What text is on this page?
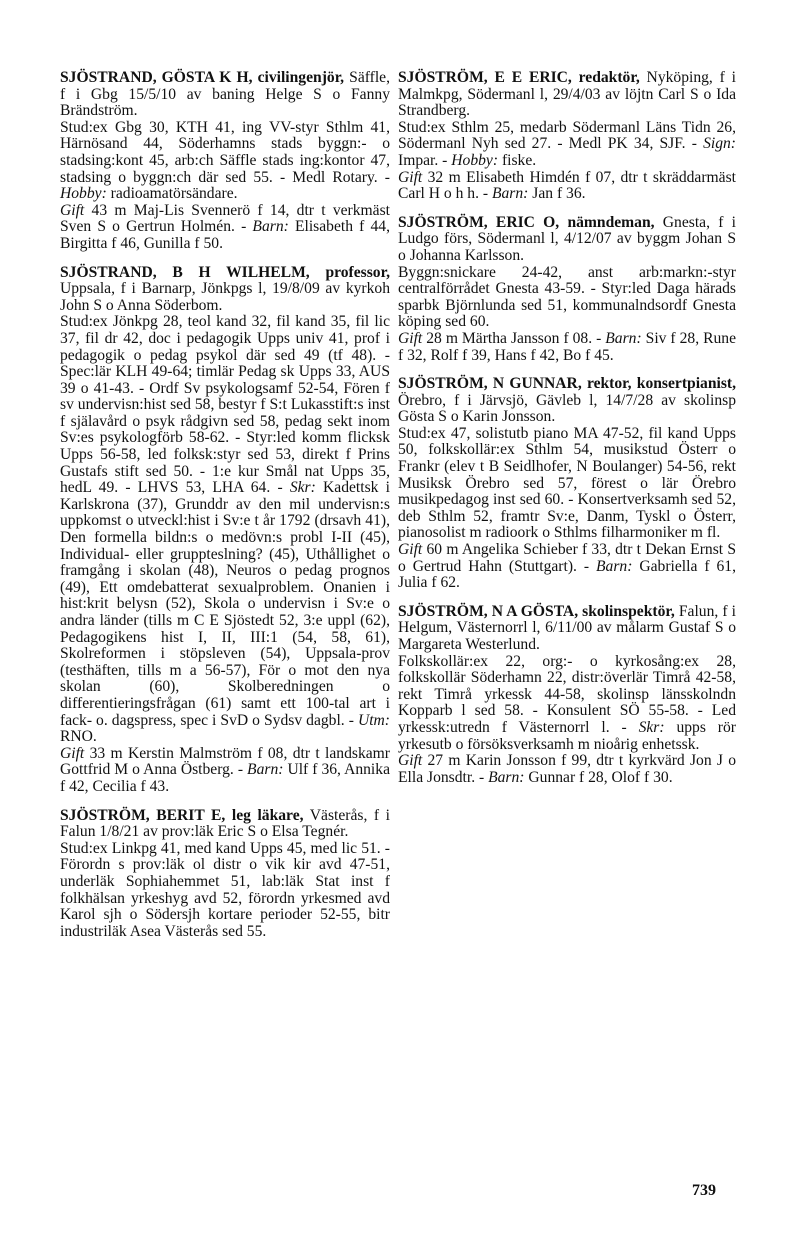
SJÖSTRAND, GÖSTA K H, civilingenjör, Säffle, f i Gbg 15/5/10 av baning Helge S o Fanny Brändström.

Stud:ex Gbg 30, KTH 41, ing VV-styr Sthlm 41, Härnösand 44, Söderhamns stads byggn:- o stadsing:kont 45, arb:ch Säffle stads ing:kontor 47, stadsing o byggn:ch där sed 55. - Medl Rotary. - Hobby: radioamatörsändare.

Gift 43 m Maj-Lis Svennerö f 14, dtr t verkmäst Sven S o Gertrun Holmén. - Barn: Elisabeth f 44, Birgitta f 46, Gunilla f 50.

SJÖSTRAND, B H WILHELM, professor, Uppsala, f i Barnarp, Jönkpgs l, 19/8/09 av kyrkoh John S o Anna Söderbom.

Stud:ex Jönkpg 28, teol kand 32, fil kand 35, fil lic 37, fil dr 42, doc i pedagogik Upps univ 41, prof i pedagogik o pedag psykol där sed 49 (tf 48). - Spec:lär KLH 49-64; timlär Pedag sk Upps 33, AUS 39 o 41-43. - Ordf Sv psykologsamf 52-54, Fören f sv undervisn:hist sed 58, bestyr f S:t Lukasstift:s inst f själavård o psyk rådgivn sed 58, pedag sekt inom Sv:es psykologförb 58-62. - Styr:led komm flicksk Upps 56-58, led folksk:styr sed 53, direkt f Prins Gustafs stift sed 50. - 1:e kur Smål nat Upps 35, hedL 49. - LHVS 53, LHA 64. - Skr: Kadettsk i Karlskrona (37), Grunddr av den mil undervisn:s uppkomst o utveckl:hist i Sv:e t år 1792 (drsavh 41), Den formella bildn:s o medövn:s probl I-II (45), Individual- eller gruppteslning? (45), Uthållighet o framgång i skolan (48), Neuros o pedag prognos (49), Ett omdebatterat sexualproblem. Onanien i hist:krit belysn (52), Skola o undervisn i Sv:e o andra länder (tills m C E Sjöstedt 52, 3:e uppl (62), Pedagogikens hist I, II, III:1 (54, 58, 61), Skolreformen i stöpsleven (54), Uppsala-prov (testhäften, tills m a 56-57), För o mot den nya skolan (60), Skolberedningen o differentieringsfrågan (61) samt ett 100-tal art i fack- o. dagspress, spec i SvD o Sydsv dagbl. - Utm: RNO.

Gift 33 m Kerstin Malmström f 08, dtr t landskamr Gottfrid M o Anna Östberg. - Barn: Ulf f 36, Annika f 42, Cecilia f 43.

SJÖSTRÖM, BERIT E, leg läkare, Västerås, f i Falun 1/8/21 av prov:läk Eric S o Elsa Tegnér.

Stud:ex Linkpg 41, med kand Upps 45, med lic 51. - Förordn s prov:läk ol distr o vik kir avd 47-51, underläk Sophiahemmet 51, lab:läk Stat inst f folkhälsan yrkeshyg avd 52, förordn yrkesmed avd Karol sjh o Södersjh kortare perioder 52-55, bitr industriläk Asea Västerås sed 55.

SJÖSTRÖM, E E ERIC, redaktör, Nyköping, f i Malmkpg, Södermanl l, 29/4/03 av löjtn Carl S o Ida Strandberg.

Stud:ex Sthlm 25, medarb Södermanl Läns Tidn 26, Södermanl Nyh sed 27. - Medl PK 34, SJF. - Sign: Impar. - Hobby: fiske.

Gift 32 m Elisabeth Himdén f 07, dtr t skräddarmäst Carl H o h h. - Barn: Jan f 36.

SJÖSTRÖM, ERIC O, nämndeman, Gnesta, f i Ludgo förs, Södermanl l, 4/12/07 av byggm Johan S o Johanna Karlsson.

Byggn:snickare 24-42, anst arb:markn:-styr centralförrådet Gnesta 43-59. - Styr:led Daga härads sparbk Björnlunda sed 51, kommunalndsordf Gnesta köping sed 60.

Gift 28 m Märtha Jansson f 08. - Barn: Siv f 28, Rune f 32, Rolf f 39, Hans f 42, Bo f 45.

SJÖSTRÖM, N GUNNAR, rektor, konsertpianist, Örebro, f i Järvsjö, Gävleb l, 14/7/28 av skolinsp Gösta S o Karin Jonsson.

Stud:ex 47, solistutb piano MA 47-52, fil kand Upps 50, folkskollär:ex Sthlm 54, musikstud Österr o Frankr (elev t B Seidlhofer, N Boulanger) 54-56, rekt Musiksk Örebro sed 57, förest o lär Örebro musikpedagog inst sed 60. - Konsertverksamh sed 52, deb Sthlm 52, framtr Sv:e, Danm, Tyskl o Österr, pianosolist m radioork o Sthlms filharmoniker m fl.

Gift 60 m Angelika Schieber f 33, dtr t Dekan Ernst S o Gertrud Hahn (Stuttgart). - Barn: Gabriella f 61, Julia f 62.

SJÖSTRÖM, N A GÖSTA, skolinspektör, Falun, f i Helgum, Västernorrl l, 6/11/00 av målarm Gustaf S o Margareta Westerlund.

Folkskollär:ex 22, org:- o kyrkosång:ex 28, folkskollär Söderhamn 22, distr:överlär Timrå 42-58, rekt Timrå yrkessk 44-58, skolinsp länsskolndn Kopparb l sed 58. - Konsulent SÖ 55-58. - Led yrkessk:utredn f Västernorrl l. - Skr: upps rör yrkesutb o försöksverksamh m nioårig enhetssk.

Gift 27 m Karin Jonsson f 99, dtr t kyrkvärd Jon J o Ella Jonsdtr. - Barn: Gunnar f 28, Olof f 30.

739
